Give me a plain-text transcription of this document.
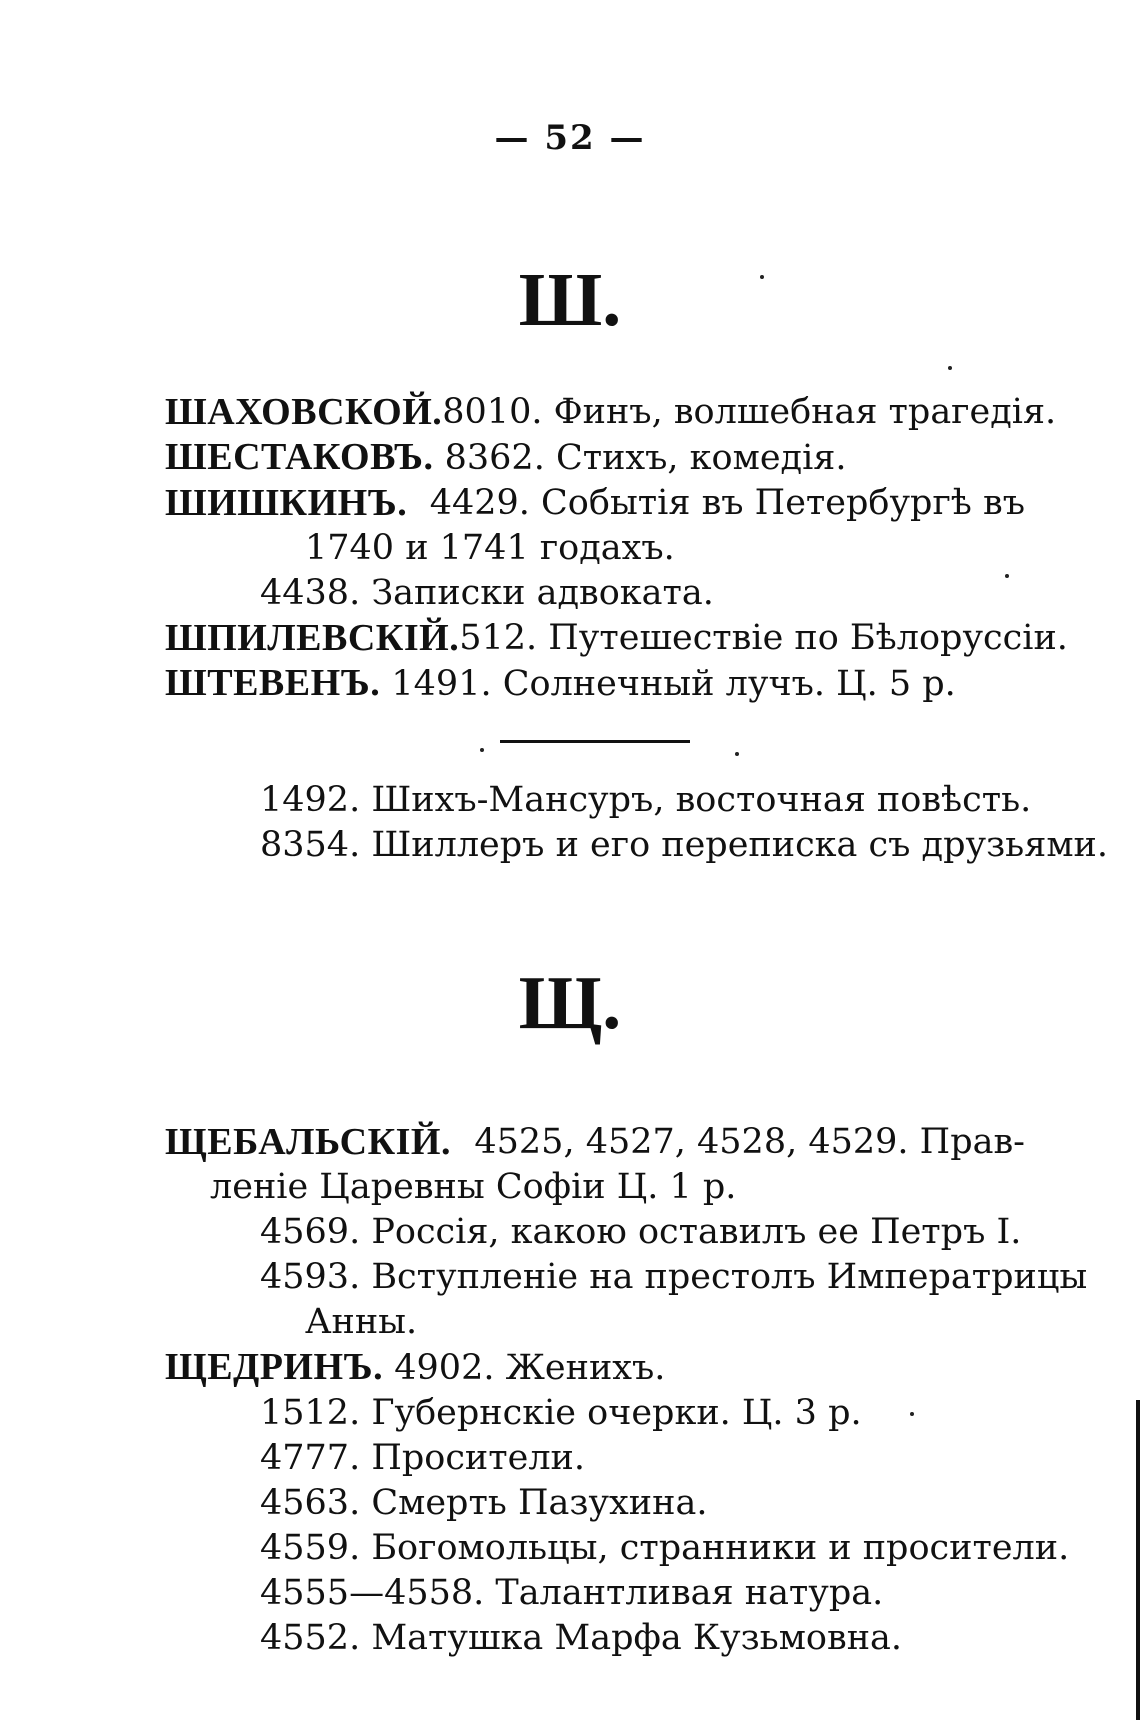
— 52 —
Ш.
ШАХОВСКОЙ. 8010. Финъ, волшебная трагедія.
ШЕСТАКОВЪ. 8362. Стихъ, комедія.
ШИШКИНЪ. 4429. Событія въ Петербургѣ въ
1740 и 1741 годахъ.
4438. Записки адвоката.
ШПИЛЕВСКІЙ. 512. Путешествіе по Бѣлоруссіи.
ШТЕВЕНЪ. 1491. Солнечный лучъ. Ц. 5 р.
1492. Шихъ-Мансуръ, восточная повѣсть.
8354. Шиллеръ и его переписка съ друзьями.
Щ.
ЩЕБАЛЬСКІЙ. 4525, 4527, 4528, 4529. Прав-
леніе Царевны Софіи Ц. 1 р.
4569. Россія, какою оставилъ ее Петръ I.
4593. Вступленіе на престолъ Императрицы
Анны.
ЩЕДРИНЪ. 4902. Женихъ.
1512. Губернскіе очерки. Ц. 3 р.
4777. Просители.
4563. Смерть Пазухина.
4559. Богомольцы, странники и просители.
4555—4558. Талантливая натура.
4552. Матушка Марфа Кузьмовна.
